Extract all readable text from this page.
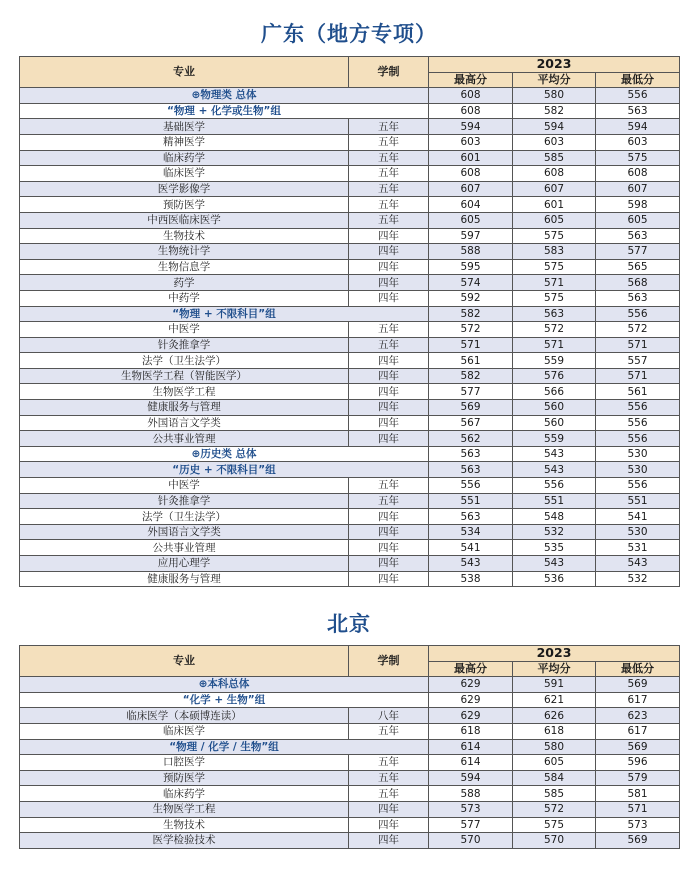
广东（地方专项）
专业	学制	2023		
		最高分	平均分	最低分
⊕物理类 总体		608	580	556
“物理 + 化学或生物”组		608	582	563
基础医学	五年	594	594	594
精神医学	五年	603	603	603
临床药学	五年	601	585	575
临床医学	五年	608	608	608
医学影像学	五年	607	607	607
预防医学	五年	604	601	598
中西医临床医学	五年	605	605	605
生物技术	四年	597	575	563
生物统计学	四年	588	583	577
生物信息学	四年	595	575	565
药学	四年	574	571	568
中药学	四年	592	575	563
“物理 + 不限科目”组		582	563	556
中医学	五年	572	572	572
针灸推拿学	五年	571	571	571
法学（卫生法学）	四年	561	559	557
生物医学工程（智能医学）	四年	582	576	571
生物医学工程	四年	577	566	561
健康服务与管理	四年	569	560	556
外国语言文学类	四年	567	560	556
公共事业管理	四年	562	559	556
⊕历史类 总体		563	543	530
“历史 + 不限科目”组		563	543	530
中医学	五年	556	556	556
针灸推拿学	五年	551	551	551
法学（卫生法学）	四年	563	548	541
外国语言文学类	四年	534	532	530
公共事业管理	四年	541	535	531
应用心理学	四年	543	543	543
健康服务与管理	四年	538	536	532
北京
专业	学制	2023		
		最高分	平均分	最低分
⊕本科总体		629	591	569
“化学 + 生物”组		629	621	617
临床医学（本硕博连读）	八年	629	626	623
临床医学	五年	618	618	617
“物理 / 化学 / 生物”组		614	580	569
口腔医学	五年	614	605	596
预防医学	五年	594	584	579
临床药学	五年	588	585	581
生物医学工程	四年	573	572	571
生物技术	四年	577	575	573
医学检验技术	四年	570	570	569
